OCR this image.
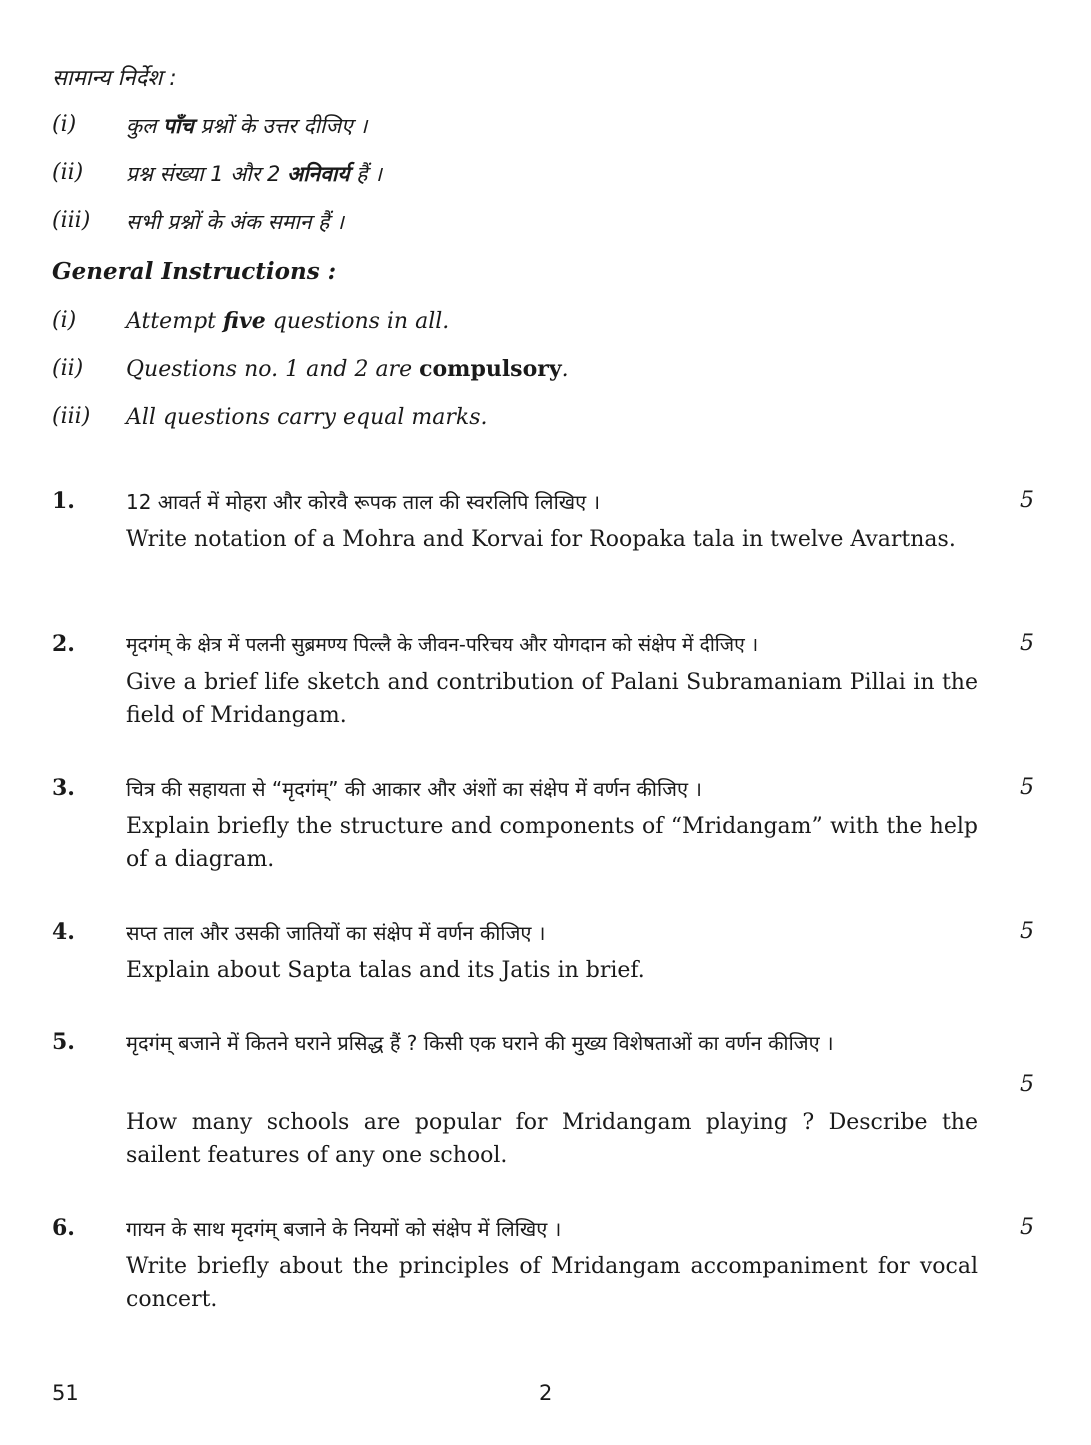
सामान्य निर्देश :
(i) कुल पाँच प्रश्नों के उत्तर दीजिए ।
(ii) प्रश्न संख्या 1 और 2 अनिवार्य हैं ।
(iii) सभी प्रश्नों के अंक समान हैं ।
General Instructions :
(i) Attempt five questions in all.
(ii) Questions no. 1 and 2 are compulsory.
(iii) All questions carry equal marks.
1.	12 आवर्त में मोहरा और कोरवै रूपक ताल की स्वरलिपि लिखिए ।
Write notation of a Mohra and Korvai for Roopaka tala in twelve Avartnas.
5
2.	मृदगंम् के क्षेत्र में पलनी सुब्रमण्य पिल्लै के जीवन-परिचय और योगदान को संक्षेप में दीजिए ।
Give a brief life sketch and contribution of Palani Subramaniam Pillai in the field of Mridangam.
5
3.	चित्र की सहायता से “मृदगंम्” की आकार और अंशों का संक्षेप में वर्णन कीजिए ।
Explain briefly the structure and components of “Mridangam” with the help of a diagram.
5
4.	सप्त ताल और उसकी जातियों का संक्षेप में वर्णन कीजिए ।
Explain about Sapta talas and its Jatis in brief.
5
5.	मृदगंम् बजाने में कितने घराने प्रसिद्ध हैं ? किसी एक घराने की मुख्य विशेषताओं का वर्णन कीजिए ।
How many schools are popular for Mridangam playing ? Describe the sailent features of any one school.
5
6.	गायन के साथ मृदगंम् बजाने के नियमों को संक्षेप में लिखिए ।
Write briefly about the principles of Mridangam accompaniment for vocal concert.
5
51	2
